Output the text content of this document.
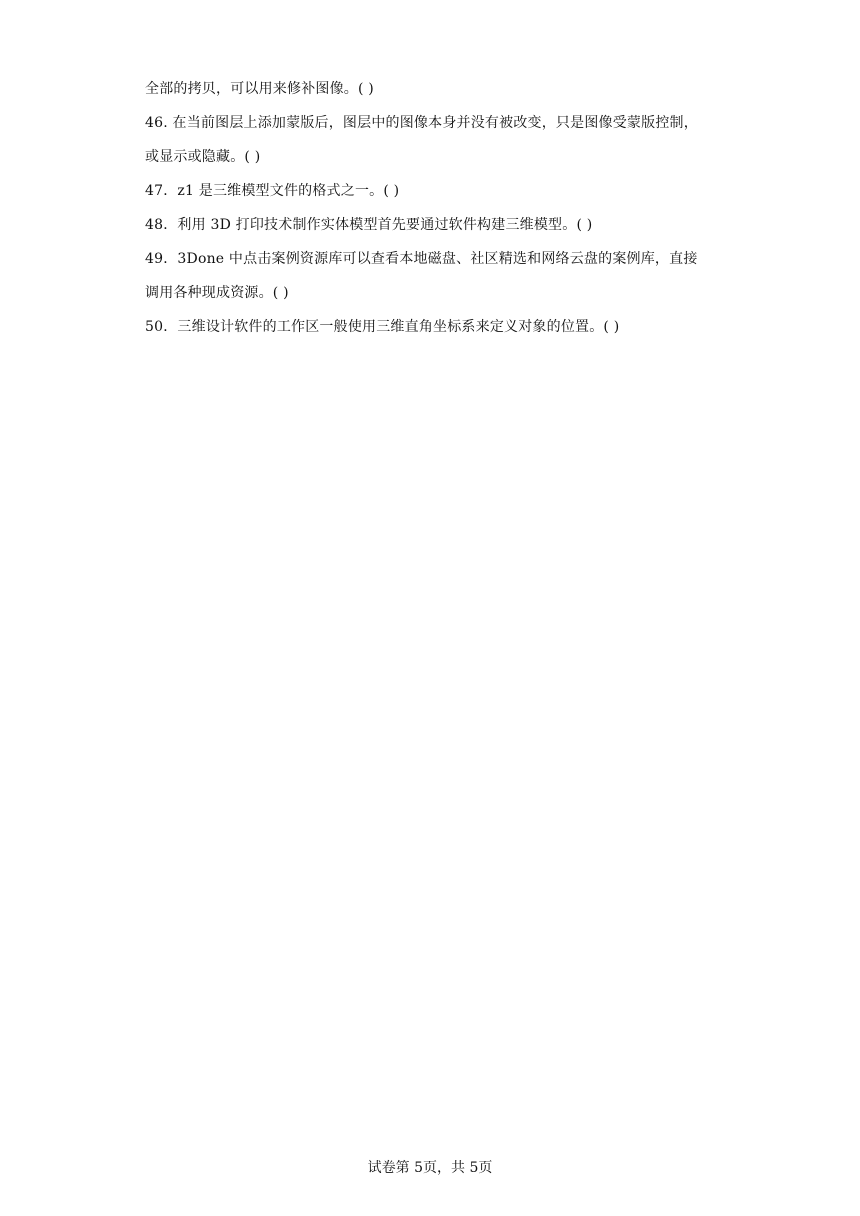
全部的拷贝，可以用来修补图像。( )
46. 在当前图层上添加蒙版后，图层中的图像本身并没有被改变，只是图像受蒙版控制，
或显示或隐藏。( )
47．z1 是三维模型文件的格式之一。( )
48．利用 3D 打印技术制作实体模型首先要通过软件构建三维模型。( )
49．3Done 中点击案例资源库可以查看本地磁盘、社区精选和网络云盘的案例库，直接
调用各种现成资源。( )
50．三维设计软件的工作区一般使用三维直角坐标系来定义对象的位置。( )
试卷第 5页，共 5页
